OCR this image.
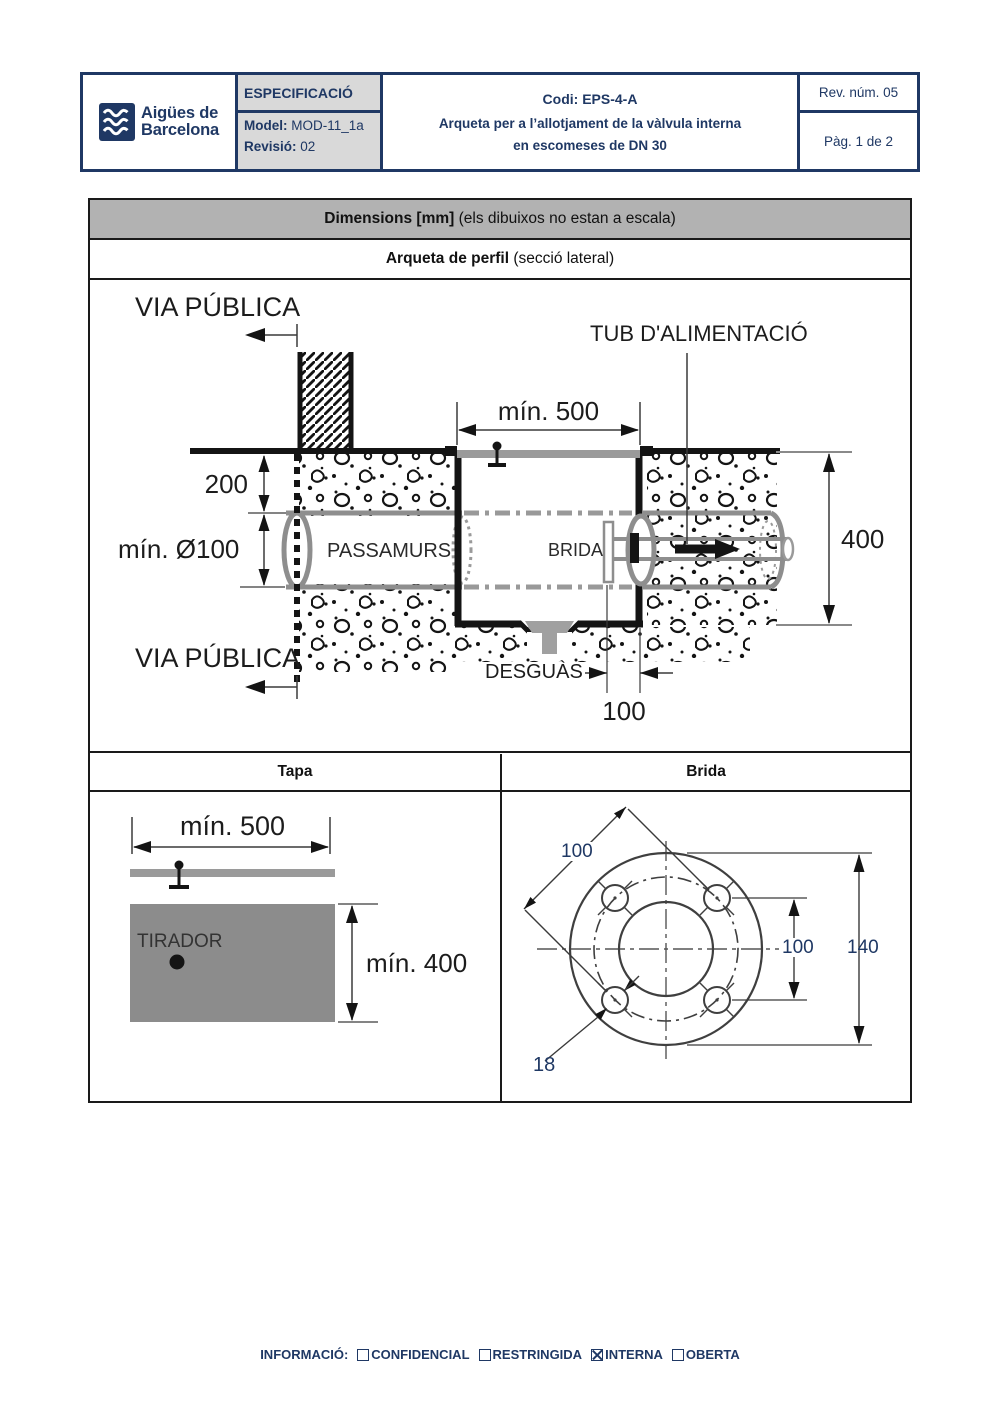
Aigües de
Barcelona
ESPECIFICACIÓ
Model: MOD-11_1a
Revisió: 02
Codi: EPS-4-A
Arqueta per a l’allotjament de la vàlvula interna
en escomeses de DN 30
Rev. núm. 05
Pàg. 1 de 2
Dimensions [mm] (els dibuixos no estan a escala)
Arqueta de perfil (secció lateral)
VIA PÚBLICA
TUB D'ALIMENTACIÓ
mín. 500
200
mín. Ø100	PASSAMURS	BRIDA	400
VIA PÚBLICA	DESGUÀS
100
Tapa	Brida
mín. 500
TIRADOR
mín. 400
100
100 140
18
INFORMACIÓ: CONFIDENCIAL RESTRINGIDA INTERNA OBERTA
